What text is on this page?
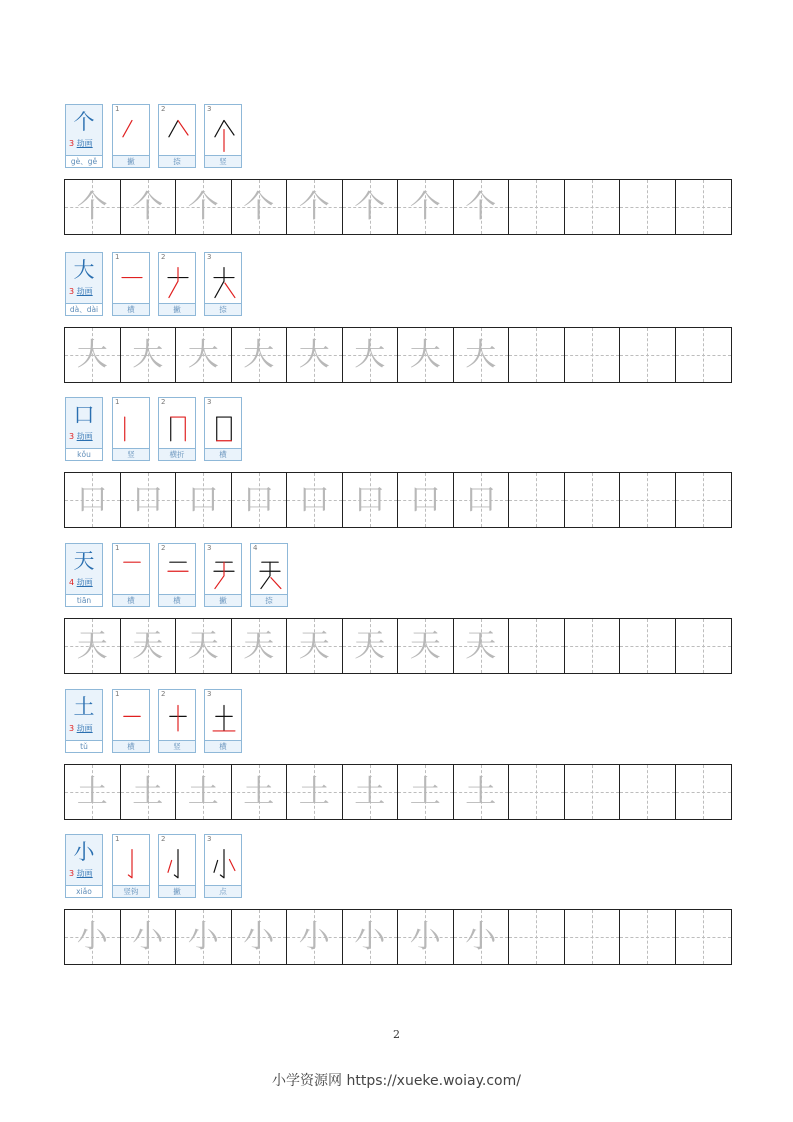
个
3 劫画
gè、gě
1
撇
2
捺
3
竖
个 个 个 个 个 个 个 个
大
3 劫画
dà、dài
1
横
2
撇
3
捺
大 大 大 大 大 大 大 大
口
3 劫画
kǒu
1
竖
2
横折
3
横
口 口 口 口 口 口 口 口
天
4 劫画
tiān
1
横
2
横
3
撇
4
捺
天 天 天 天 天 天 天 天
土
3 劫画
tǔ
1
横
2
竖
3
横
土 土 土 土 土 土 土 土
小
3 劫画
xiǎo
1
竖钩
2
撇
3
点
小 小 小 小 小 小 小 小
2
小学资源网 https://xueke.woiay.com/
